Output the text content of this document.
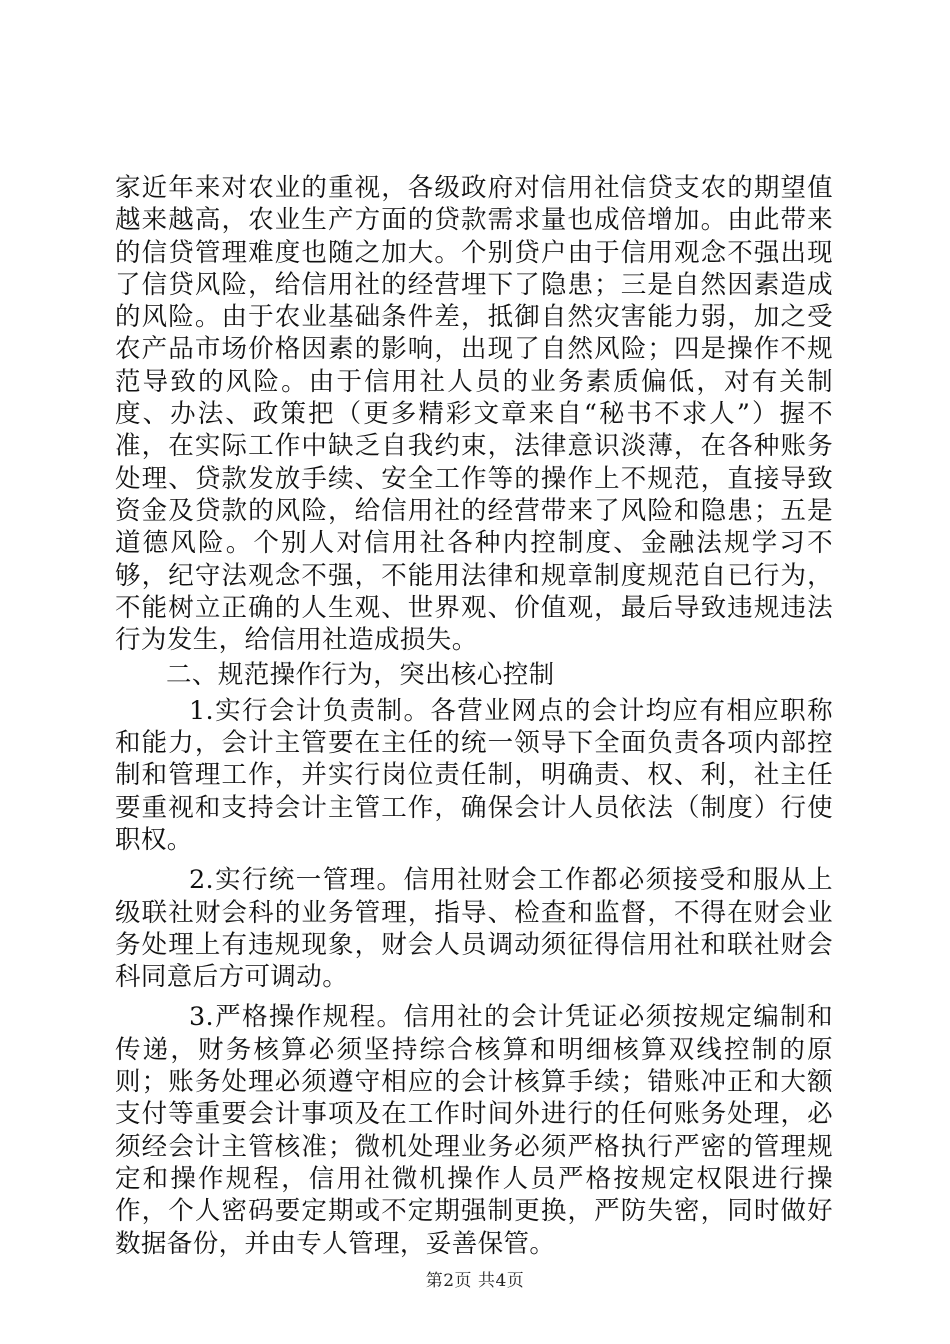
家近年来对农业的重视，各级政府对信用社信贷支农的期望值越来越高，农业生产方面的贷款需求量也成倍增加。由此带来的信贷管理难度也随之加大。个别贷户由于信用观念不强出现了信贷风险，给信用社的经营埋下了隐患；三是自然因素造成的风险。由于农业基础条件差，抵御自然灾害能力弱，加之受农产品市场价格因素的影响，出现了自然风险；四是操作不规范导致的风险。由于信用社人员的业务素质偏低，对有关制度、办法、政策把（更多精彩文章来自“秘书不求人”）握不准，在实际工作中缺乏自我约束，法律意识淡薄，在各种账务处理、贷款发放手续、安全工作等的操作上不规范，直接导致资金及贷款的风险，给信用社的经营带来了风险和隐患；五是道德风险。个别人对信用社各种内控制度、金融法规学习不够，纪守法观念不强，不能用法律和规章制度规范自已行为，不能树立正确的人生观、世界观、价值观，最后导致违规违法行为发生，给信用社造成损失。

二、规范操作行为，突出核心控制

1.实行会计负责制。各营业网点的会计均应有相应职称和能力，会计主管要在主任的统一领导下全面负责各项内部控制和管理工作，并实行岗位责任制，明确责、权、利，社主任要重视和支持会计主管工作，确保会计人员依法（制度）行使职权。

2.实行统一管理。信用社财会工作都必须接受和服从上级联社财会科的业务管理，指导、检查和监督，不得在财会业务处理上有违规现象，财会人员调动须征得信用社和联社财会科同意后方可调动。

3.严格操作规程。信用社的会计凭证必须按规定编制和传递，财务核算必须坚持综合核算和明细核算双线控制的原则；账务处理必须遵守相应的会计核算手续；错账冲正和大额支付等重要会计事项及在工作时间外进行的任何账务处理，必须经会计主管核准；微机处理业务必须严格执行严密的管理规定和操作规程，信用社微机操作人员严格按规定权限进行操作，个人密码要定期或不定期强制更换，严防失密，同时做好数据备份，并由专人管理，妥善保管。

第2页 共4页
